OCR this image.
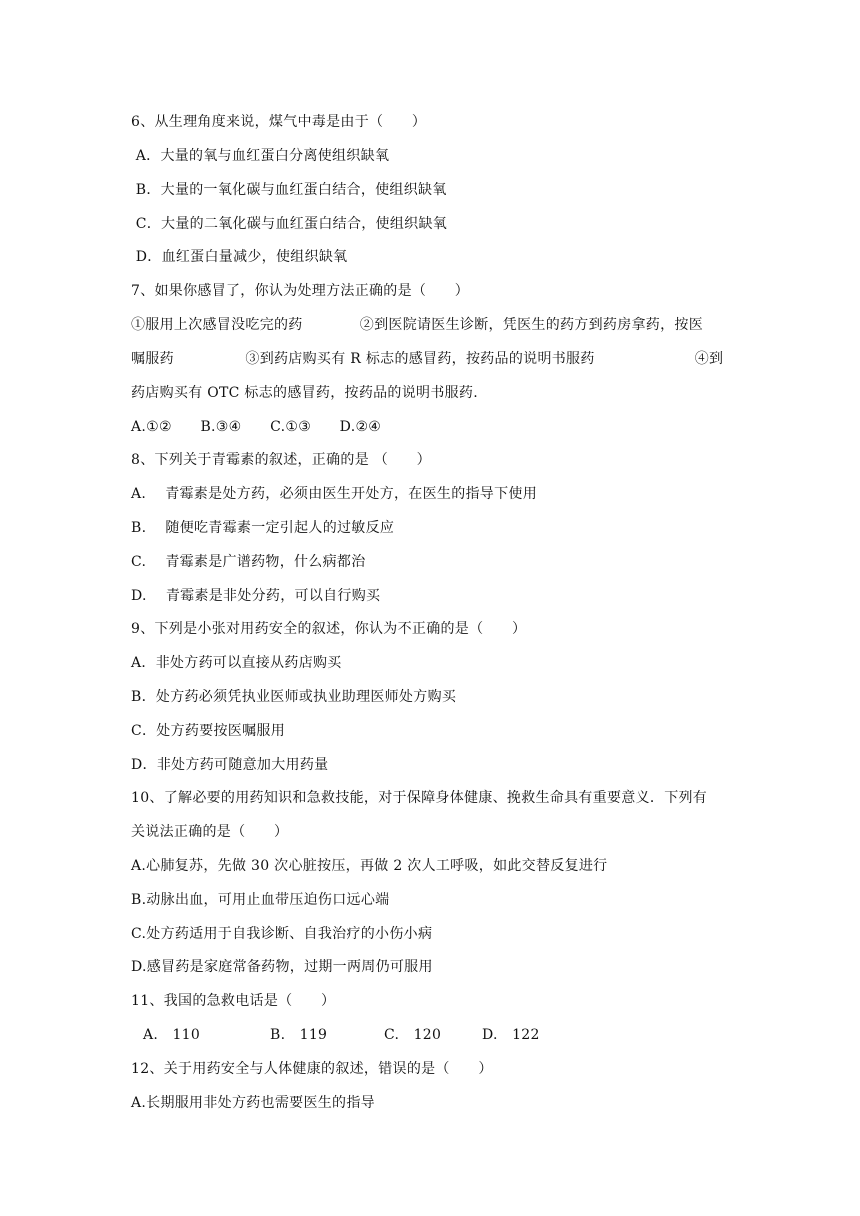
6、从生理角度来说，煤气中毒是由于（　　）
A．大量的氧与血红蛋白分离使组织缺氧
B．大量的一氧化碳与血红蛋白结合，使组织缺氧
C．大量的二氧化碳与血红蛋白结合，使组织缺氧
D．血红蛋白量减少，使组织缺氧
7、如果你感冒了，你认为处理方法正确的是（　　）
①服用上次感冒没吃完的药　　　　②到医院请医生诊断，凭医生的药方到药房拿药，按医
嘱服药　　　　　③到药店购买有 R 标志的感冒药，按药品的说明书服药　　　　　　　④到
药店购买有 OTC 标志的感冒药，按药品的说明书服药.
A.①②　　B.③④　　C.①③　　D.②④
8、下列关于青霉素的叙述，正确的是 （　　）
A.　 青霉素是处方药，必须由医生开处方，在医生的指导下使用
B.　 随便吃青霉素一定引起人的过敏反应
C.　 青霉素是广谱药物，什么病都治
D.　 青霉素是非处分药，可以自行购买
9、下列是小张对用药安全的叙述，你认为不正确的是（　　）
A．非处方药可以直接从药店购买
B．处方药必须凭执业医师或执业助理医师处方购买
C．处方药要按医嘱服用
D．非处方药可随意加大用药量
10、了解必要的用药知识和急救技能，对于保障身体健康、挽救生命具有重要意义．下列有
关说法正确的是（　　）
A.心肺复苏，先做 30 次心脏按压，再做 2 次人工呼吸，如此交替反复进行
B.动脉出血，可用止血带压迫伤口远心端
C.处方药适用于自我诊断、自我治疗的小伤小病
D.感冒药是家庭常备药物，过期一两周仍可服用
11、我国的急救电话是（　　）
A.　110	B.　119	C.　120	D.　122
12、关于用药安全与人体健康的叙述，错误的是（　　）
A.长期服用非处方药也需要医生的指导
